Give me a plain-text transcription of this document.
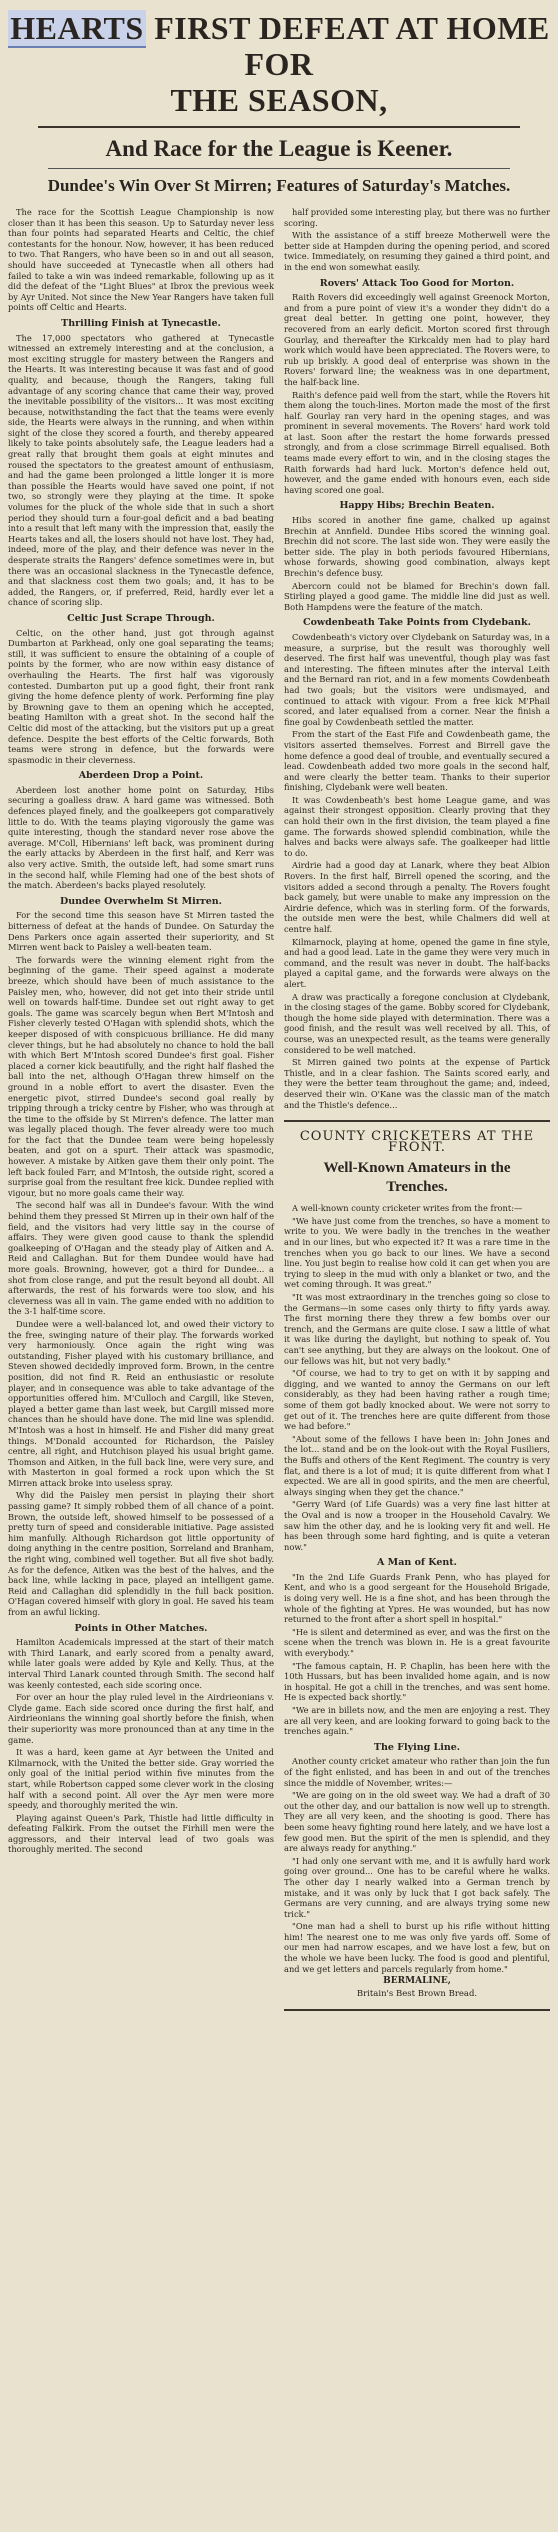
HEARTS FIRST DEFEAT AT HOME FOR
THE SEASON,
And Race for the League is Keener.
Dundee's Win Over St Mirren; Features of Saturday's Matches.

The race for the Scottish League Championship is now closer than it has been this season. Up to Saturday never less than four points had separated Hearts and Celtic, the chief contestants for the honour. Now, however, it has been reduced to two. That Rangers, who have been so in and out all season, should have succeeded at Tynecastle when all others had failed to take a win was indeed remarkable, following up as it did the defeat of the "Light Blues" at Ibrox the previous week by Ayr United. Not since the New Year Rangers have taken full points off Celtic and Hearts.

Thrilling Finish at Tynecastle.

The 17,000 spectators who gathered at Tynecastle witnessed an extremely interesting and at the conclusion, a most exciting struggle for mastery between the Rangers and the Hearts. It was interesting because it was fast and of good quality, and because, though the Rangers, taking full advantage of any scoring chance that came their way, proved the inevitable possibility of the visitors... It was most exciting because, notwithstanding the fact that the teams were evenly side, the Hearts were always in the running, and when within sight of the close they scored a fourth, and thereby appeared likely to take points absolutely safe, the League leaders had a great rally that brought them goals at eight minutes and roused the spectators to the greatest amount of enthusiasm, and had the game been prolonged a little longer it is more than possible the Hearts would have saved one point, if not two, so strongly were they playing at the time. It spoke volumes for the pluck of the whole side that in such a short period they should turn a four-goal deficit and a bad beating into a result that left many with the impression that, easily the Hearts takes and all, the losers should not have lost. They had, indeed, more of the play, and their defence was never in the desperate straits the Rangers' defence sometimes were in, but there was an occasional slackness in the Tynecastle defence, and that slackness cost them two goals; and, it has to be added, the Rangers, or, if preferred, Reid, hardly ever let a chance of scoring slip.

Celtic Just Scrape Through.

Celtic, on the other hand, just got through against Dumbarton at Parkhead, only one goal separating the teams; still, it was sufficient to ensure the obtaining of a couple of points by the former, who are now within easy distance of overhauling the Hearts. The first half was vigorously contested. Dumbarton put up a good fight, their front rank giving the home defence plenty of work. Performing fine play by Browning gave to them an opening which he accepted, beating Hamilton with a great shot. In the second half the Celtic did most of the attacking, but the visitors put up a great defence. Despite the best efforts of the Celtic forwards, Both teams were strong in defence, but the forwards were spasmodic in their cleverness.

Aberdeen Drop a Point.

Aberdeen lost another home point on Saturday, Hibs securing a goalless draw. A hard game was witnessed. Both defences played finely, and the goalkeepers got comparatively little to do. With the teams playing vigorously the game was quite interesting, though the standard never rose above the average. M'Coll, Hibernians' left back, was prominent during the early attacks by Aberdeen in the first half, and Kerr was also very active. Smith, the outside left, had some smart runs in the second half, while Fleming had one of the best shots of the match. Aberdeen's backs played resolutely.

Dundee Overwhelm St Mirren.

For the second time this season have St Mirren tasted the bitterness of defeat at the hands of Dundee. On Saturday the Dens Parkers once again asserted their superiority, and St Mirren went back to Paisley a well-beaten team.

The forwards were the winning element right from the beginning of the game. Their speed against a moderate breeze, which should have been of much assistance to the Paisley men, who, however, did not get into their stride until well on towards half-time. Dundee set out right away to get goals. The game was scarcely begun when Bert M'Intosh and Fisher cleverly tested O'Hagan with splendid shots, which the keeper disposed of with conspicuous brilliance. He did many clever things, but he had absolutely no chance to hold the ball with which Bert M'Intosh scored Dundee's first goal. Fisher placed a corner kick beautifully, and the right half flashed the ball into the net, although O'Hagan threw himself on the ground in a noble effort to avert the disaster. Even the energetic pivot, stirred Dundee's second goal really by tripping through a tricky centre by Fisher, who was through at the time to the offside by St Mirren's defence. The latter man was legally placed though. The fever already were too much for the fact that the Dundee team were being hopelessly beaten, and got on a spurt. Their attack was spasmodic, however. A mistake by Aitken gave them their only point. The left back fouled Farr, and M'Intosh, the outside right, scored a surprise goal from the resultant free kick. Dundee replied with vigour, but no more goals came their way.

The second half was all in Dundee's favour. With the wind behind them they pressed St Mirren up in their own half of the field, and the visitors had very little say in the course of affairs. They were given good cause to thank the splendid goalkeeping of O'Hagan and the steady play of Aitken and A. Reid and Callaghan. But for them Dundee would have had more goals. Browning, however, got a third for Dundee... a shot from close range, and put the result beyond all doubt. All afterwards, the rest of his forwards were too slow, and his cleverness was all in vain. The game ended with no addition to the 3-1 half-time score.

Dundee were a well-balanced lot, and owed their victory to the free, swinging nature of their play. The forwards worked very harmoniously. Once again the right wing was outstanding, Fisher played with his customary brilliance, and Steven showed decidedly improved form. Brown, in the centre position, did not find R. Reid an enthusiastic or resolute player, and in consequence was able to take advantage of the opportunities offered him. M'Culloch and Cargill, like Steven, played a better game than last week, but Cargill missed more chances than he should have done. The mid line was splendid. M'Intosh was a host in himself. He and Fisher did many great things. M'Donald accounted for Richardson, the Paisley centre, all right, and Hutchison played his usual bright game. Thomson and Aitken, in the full back line, were very sure, and with Masterton in goal formed a rock upon which the St Mirren attack broke into useless spray.

Why did the Paisley men persist in playing their short passing game? It simply robbed them of all chance of a point. Brown, the outside left, showed himself to be possessed of a pretty turn of speed and considerable initiative. Page assisted him manfully. Although Richardson got little opportunity of doing anything in the centre position, Sorreland and Branham, the right wing, combined well together. But all five shot badly. As for the defence, Aitken was the best of the halves, and the back line, while lacking in pace, played an intelligent game. Reid and Callaghan did splendidly in the full back position. O'Hagan covered himself with glory in goal. He saved his team from an awful licking.

Points in Other Matches.

Hamilton Academicals impressed at the start of their match with Third Lanark, and early scored from a penalty award, while later goals were added by Kyle and Kelly. Thus, at the interval Third Lanark counted through Smith. The second half was keenly contested, each side scoring once.

For over an hour the play ruled level in the Airdrieonians v. Clyde game. Each side scored once during the first half, and Airdrieonians the winning goal shortly before the finish, when their superiority was more pronounced than at any time in the game.

It was a hard, keen game at Ayr between the United and Kilmarnock, with the United the better side. Gray worried the only goal of the initial period within five minutes from the start, while Robertson capped some clever work in the closing half with a second point. All over the Ayr men were more speedy, and thoroughly merited the win.

Playing against Queen's Park, Thistle had little difficulty in defeating Falkirk. From the outset the Firhill men were the aggressors, and their interval lead of two goals was thoroughly merited. The second

half provided some interesting play, but there was no further scoring.

With the assistance of a stiff breeze Motherwell were the better side at Hampden during the opening period, and scored twice. Immediately, on resuming they gained a third point, and in the end won somewhat easily.

Rovers' Attack Too Good for Morton.

Raith Rovers did exceedingly well against Greenock Morton, and from a pure point of view it's a wonder they didn't do a great deal better. In getting one point, however, they recovered from an early deficit. Morton scored first through Gourlay, and thereafter the Kirkcaldy men had to play hard work which would have been appreciated. The Rovers were, to rub up briskly. A good deal of enterprise was shown in the Rovers' forward line; the weakness was in one department, the half-back line.

Raith's defence paid well from the start, while the Rovers hit them along the touch-lines. Morton made the most of the first half. Gourlay ran very hard in the opening stages, and was prominent in several movements. The Rovers' hard work told at last. Soon after the restart the home forwards pressed strongly, and from a close scrimmage Birrell equalised. Both teams made every effort to win, and in the closing stages the Raith forwards had hard luck. Morton's defence held out, however, and the game ended with honours even, each side having scored one goal.

Happy Hibs; Brechin Beaten.

Hibs scored in another fine game, chalked up against Brechin at Annfield. Dundee Hibs scored the winning goal. Brechin did not score. The last side won. They were easily the better side. The play in both periods favoured Hibernians, whose forwards, showing good combination, always kept Brechin's defence busy.

Abercorn could not be blamed for Brechin's down fall. Stirling played a good game. The middle line did just as well. Both Hampdens were the feature of the match.

Cowdenbeath Take Points from Clydebank.

Cowdenbeath's victory over Clydebank on Saturday was, in a measure, a surprise, but the result was thoroughly well deserved. The first half was uneventful, though play was fast and interesting. The fifteen minutes after the interval Leith and the Bernard ran riot, and in a few moments Cowdenbeath had two goals; but the visitors were undismayed, and continued to attack with vigour. From a free kick M'Phail scored, and later equalised from a corner. Near the finish a fine goal by Cowdenbeath settled the matter.

From the start of the East Fife and Cowdenbeath game, the visitors asserted themselves. Forrest and Birrell gave the home defence a good deal of trouble, and eventually secured a lead. Cowdenbeath added two more goals in the second half, and were clearly the better team. Thanks to their superior finishing, Clydebank were well beaten.

It was Cowdenbeath's best home League game, and was against their strongest opposition. Clearly proving that they can hold their own in the first division, the team played a fine game. The forwards showed splendid combination, while the halves and backs were always safe. The goalkeeper had little to do.

Airdrie had a good day at Lanark, where they beat Albion Rovers. In the first half, Birrell opened the scoring, and the visitors added a second through a penalty. The Rovers fought back gamely, but were unable to make any impression on the Airdrie defence, which was in sterling form. Of the forwards, the outside men were the best, while Chalmers did well at centre half.

Kilmarnock, playing at home, opened the game in fine style, and had a good lead. Late in the game they were very much in command, and the result was never in doubt. The half-backs played a capital game, and the forwards were always on the alert.

A draw was practically a foregone conclusion at Clydebank, in the closing stages of the game. Bobby scored for Clydebank, though the home side played with determination. There was a good finish, and the result was well received by all. This, of course, was an unexpected result, as the teams were generally considered to be well matched.

St Mirren gained two points at the expense of Partick Thistle, and in a clear fashion. The Saints scored early, and they were the better team throughout the game; and, indeed, deserved their win. O'Kane was the classic man of the match and the Thistle's defence...

COUNTY CRICKETERS AT THE FRONT.
Well-Known Amateurs in the Trenches.

A well-known county cricketer writes from the front:—

"We have just come from the trenches, so have a moment to write to you. We were badly in the trenches in the weather and in our lines, but who expected it? It was a rare time in the trenches when you go back to our lines. We have a second line. You just begin to realise how cold it can get when you are trying to sleep in the mud with only a blanket or two, and the wet coming through. It was great."

"It was most extraordinary in the trenches going so close to the Germans—in some cases only thirty to fifty yards away. The first morning there they threw a few bombs over our trench, and the Germans are quite close. I saw a little of what it was like during the daylight, but nothing to speak of. You can't see anything, but they are always on the lookout. One of our fellows was hit, but not very badly."

"Of course, we had to try to get on with it by sapping and digging, and we wanted to annoy the Germans on our left considerably, as they had been having rather a rough time; some of them got badly knocked about. We were not sorry to get out of it. The trenches here are quite different from those we had before."

"About some of the fellows I have been in: John Jones and the lot... stand and be on the look-out with the Royal Fusiliers, the Buffs and others of the Kent Regiment. The country is very flat, and there is a lot of mud; it is quite different from what I expected. We are all in good spirits, and the men are cheerful, always singing when they get the chance."

"Gerry Ward (of Life Guards) was a very fine last hitter at the Oval and is now a trooper in the Household Cavalry. We saw him the other day, and he is looking very fit and well. He has been through some hard fighting, and is quite a veteran now."

A Man of Kent.

"In the 2nd Life Guards Frank Penn, who has played for Kent, and who is a good sergeant for the Household Brigade, is doing very well. He is a fine shot, and has been through the whole of the fighting at Ypres. He was wounded, but has now returned to the front after a short spell in hospital."

"He is silent and determined as ever, and was the first on the scene when the trench was blown in. He is a great favourite with everybody."

"The famous captain, H. P. Chaplin, has been here with the 10th Hussars, but has been invalided home again, and is now in hospital. He got a chill in the trenches, and was sent home. He is expected back shortly."

"We are in billets now, and the men are enjoying a rest. They are all very keen, and are looking forward to going back to the trenches again."

The Flying Line.

Another county cricket amateur who rather than join the fun of the fight enlisted, and has been in and out of the trenches since the middle of November, writes:—

"We are going on in the old sweet way. We had a draft of 30 out the other day, and our battalion is now well up to strength. They are all very keen, and the shooting is good. There has been some heavy fighting round here lately, and we have lost a few good men. But the spirit of the men is splendid, and they are always ready for anything."

"I had only one servant with me, and it is awfully hard work going over ground... One has to be careful where he walks. The other day I nearly walked into a German trench by mistake, and it was only by luck that I got back safely. The Germans are very cunning, and are always trying some new trick."

"One man had a shell to burst up his rifle without hitting him! The nearest one to me was only five yards off. Some of our men had narrow escapes, and we have lost a few, but on the whole we have been lucky. The food is good and plentiful, and we get letters and parcels regularly from home."

BERMALINE,

Britain's Best Brown Bread.
